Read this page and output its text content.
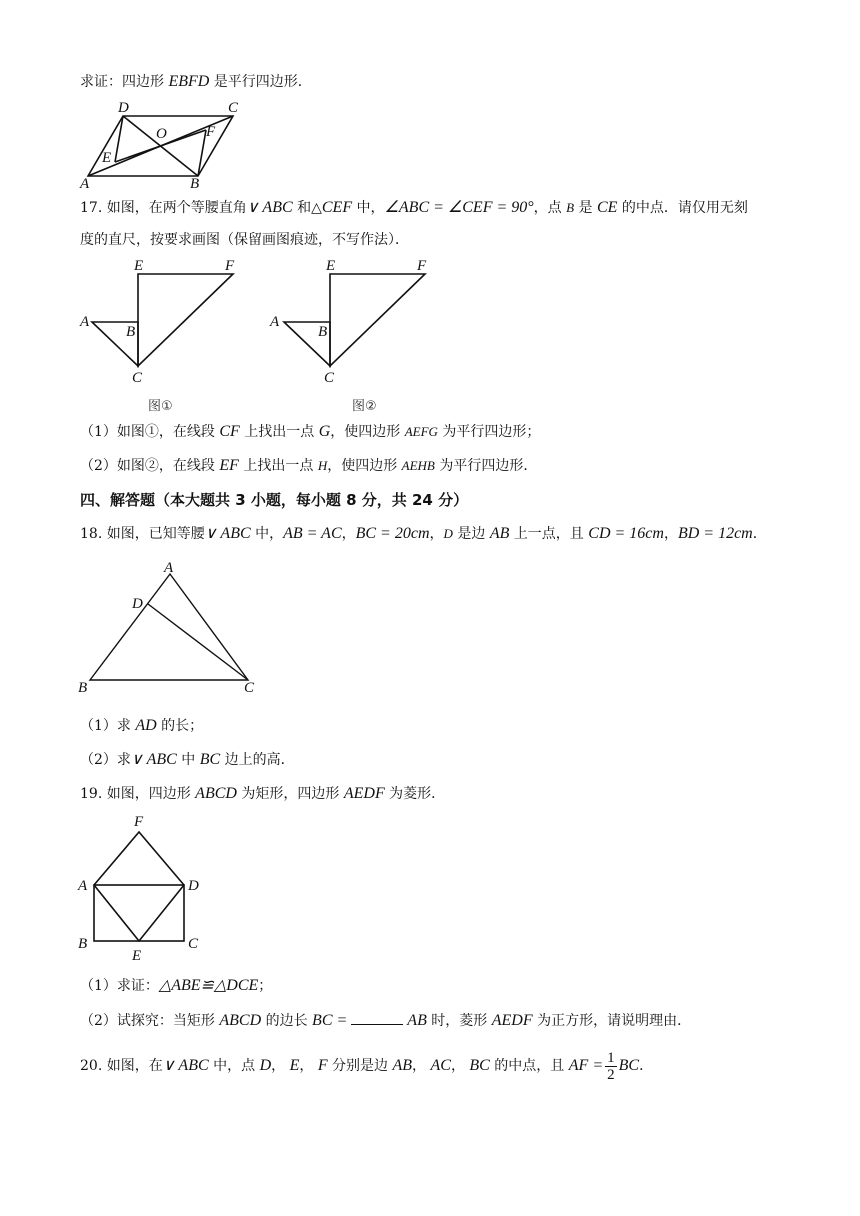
求证：四边形 EBFD 是平行四边形．
D	C
O	F
E
A	B
17. 如图，在两个等腰直角∨ ABC 和△CEF 中，∠ABC = ∠CEF = 90°，点 B 是 CE 的中点．请仅用无刻
度的直尺，按要求画图（保留画图痕迹，不写作法）．
E	F
A
B
C
图①
E	F
A
B
C
图②
（1）如图①，在线段 CF 上找出一点 G，使四边形 AEFG 为平行四边形；
（2）如图②，在线段 EF 上找出一点 H，使四边形 AEHB 为平行四边形．
四、解答题（本大题共 3 小题，每小题 8 分，共 24 分）
18. 如图，已知等腰∨ ABC 中，AB = AC，BC = 20cm，D 是边 AB 上一点，且 CD = 16cm，BD = 12cm．
A
D
B	C
（1）求 AD 的长；
（2）求∨ ABC 中 BC 边上的高．
19. 如图，四边形 ABCD 为矩形，四边形 AEDF 为菱形．
F
A	D
B
E
C
（1）求证：△ABE≌△DCE；
（2）试探究：当矩形 ABCD 的边长 BC =	AB 时，菱形 AEDF 为正方形，请说明理由．
20. 如图，在∨ ABC 中，点 D， E， F 分别是边 AB， AC， BC 的中点，且 AF = $\frac{1}{2}$ BC．
